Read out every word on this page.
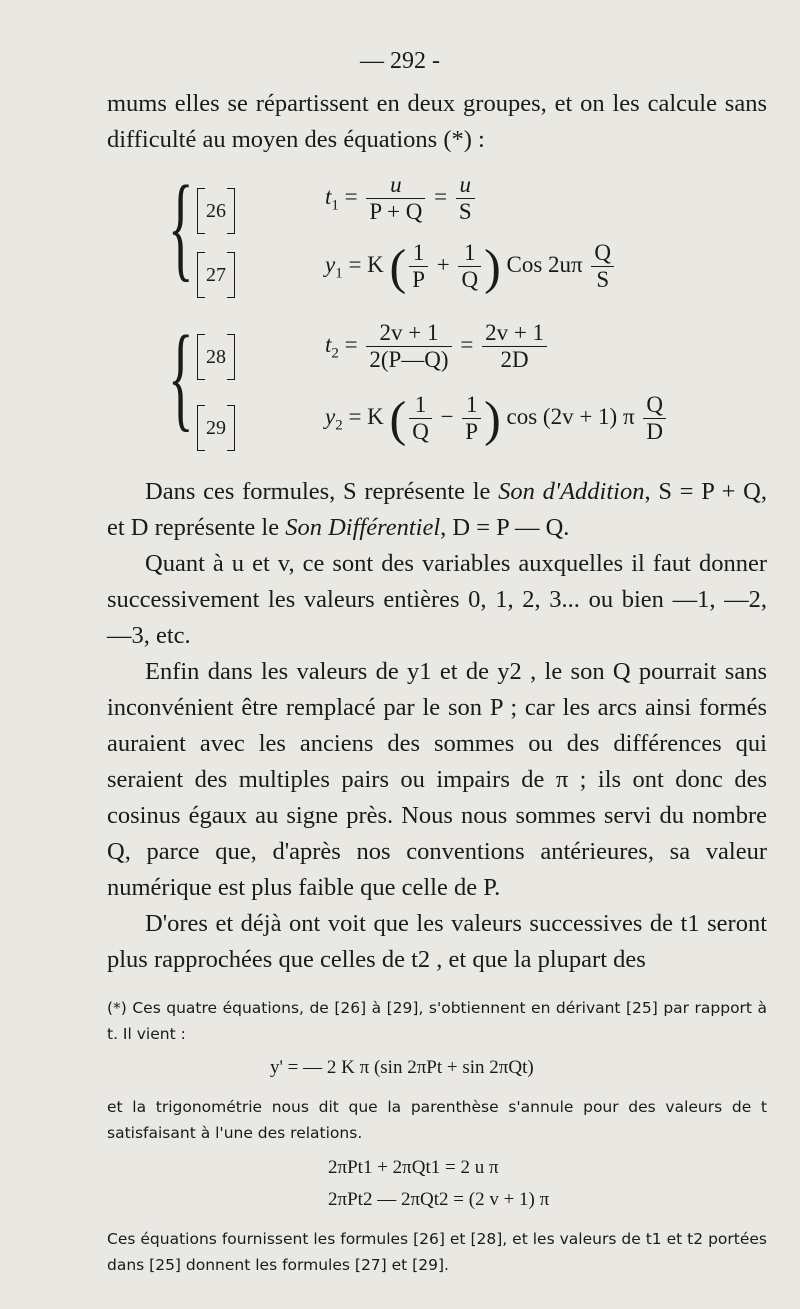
— 292 -

mums elles se répartissent en deux groupes, et on les calcule sans difficulté au moyen des équations (*) :

{ 26
27
$t_1 = \frac{u}{P + Q} = \frac{u}{S}$
$y_1 = K$ ( $\frac{1}{P} + \frac{1}{Q}$ ) Cos $2u\pi \frac{Q}{S}$
{ 28
29
$t_2 = \frac{2v + 1}{2(P—Q)} = \frac{2v + 1}{2D}$
$y_2 = K$ ( $\frac{1}{Q} - \frac{1}{P}$ ) cos (2v + 1) π $\frac{Q}{D}$

Dans ces formules, S représente le Son d'Addition, S = P + Q, et D représente le Son Différentiel, D = P — Q.

Quant à u et v, ce sont des variables auxquelles il faut donner successivement les valeurs entières 0, 1, 2, 3... ou bien —1, —2, —3, etc.

Enfin dans les valeurs de y1 et de y2 , le son Q pourrait sans inconvénient être remplacé par le son P ; car les arcs ainsi formés auraient avec les anciens des sommes ou des différences qui seraient des multiples pairs ou impairs de π ; ils ont donc des cosinus égaux au signe près. Nous nous sommes servi du nombre Q, parce que, d'après nos conventions antérieures, sa valeur numérique est plus faible que celle de P.

D'ores et déjà ont voit que les valeurs successives de t1 seront plus rapprochées que celles de t2 , et que la plupart des

(*) Ces quatre équations, de [26] à [29], s'obtiennent en dérivant [25] par rapport à t. Il vient :

y' = — 2 K π (sin 2πPt + sin 2πQt)

et la trigonométrie nous dit que la parenthèse s'annule pour des valeurs de t satisfaisant à l'une des relations.

2πPt1 + 2πQt1 = 2 u π
2πPt2 — 2πQt2 = (2 v + 1) π

Ces équations fournissent les formules [26] et [28], et les valeurs de t1 et t2 portées dans [25] donnent les formules [27] et [29].
